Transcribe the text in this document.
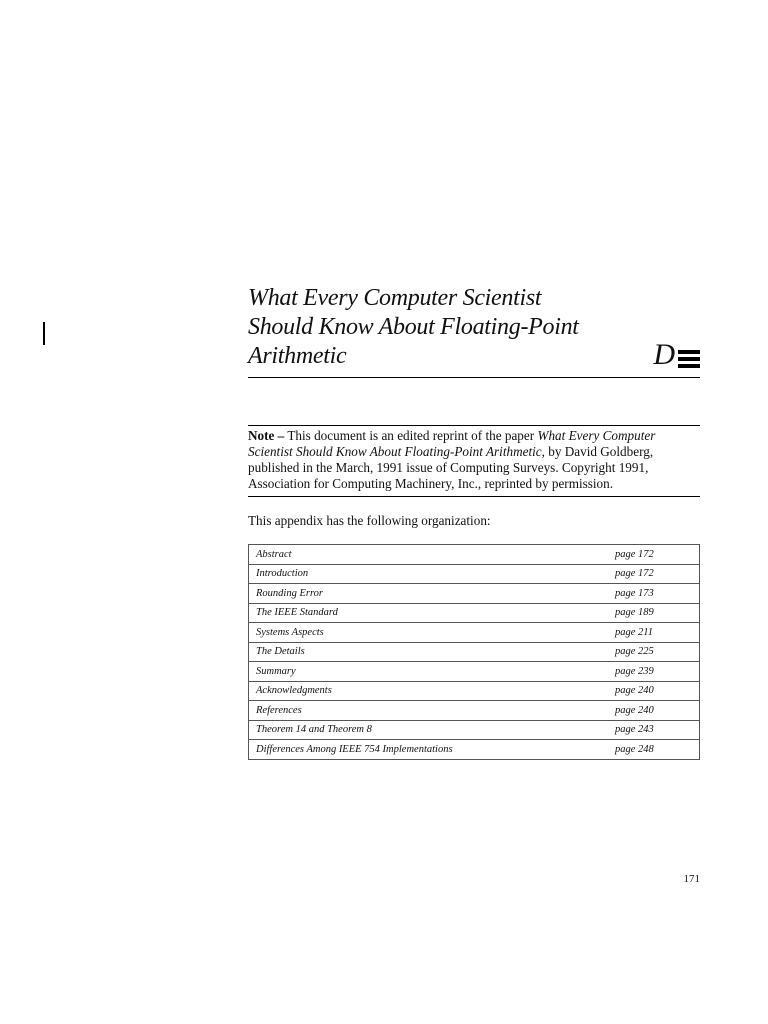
What Every Computer Scientist
Should Know About Floating-Point
Arithmetic	D
Note – This document is an edited reprint of the paper What Every Computer Scientist Should Know About Floating-Point Arithmetic, by David Goldberg, published in the March, 1991 issue of Computing Surveys. Copyright 1991, Association for Computing Machinery, Inc., reprinted by permission.
This appendix has the following organization:
Abstract	page 172
Introduction	page 172
Rounding Error	page 173
The IEEE Standard	page 189
Systems Aspects	page 211
The Details	page 225
Summary	page 239
Acknowledgments	page 240
References	page 240
Theorem 14 and Theorem 8	page 243
Differences Among IEEE 754 Implementations	page 248
171
